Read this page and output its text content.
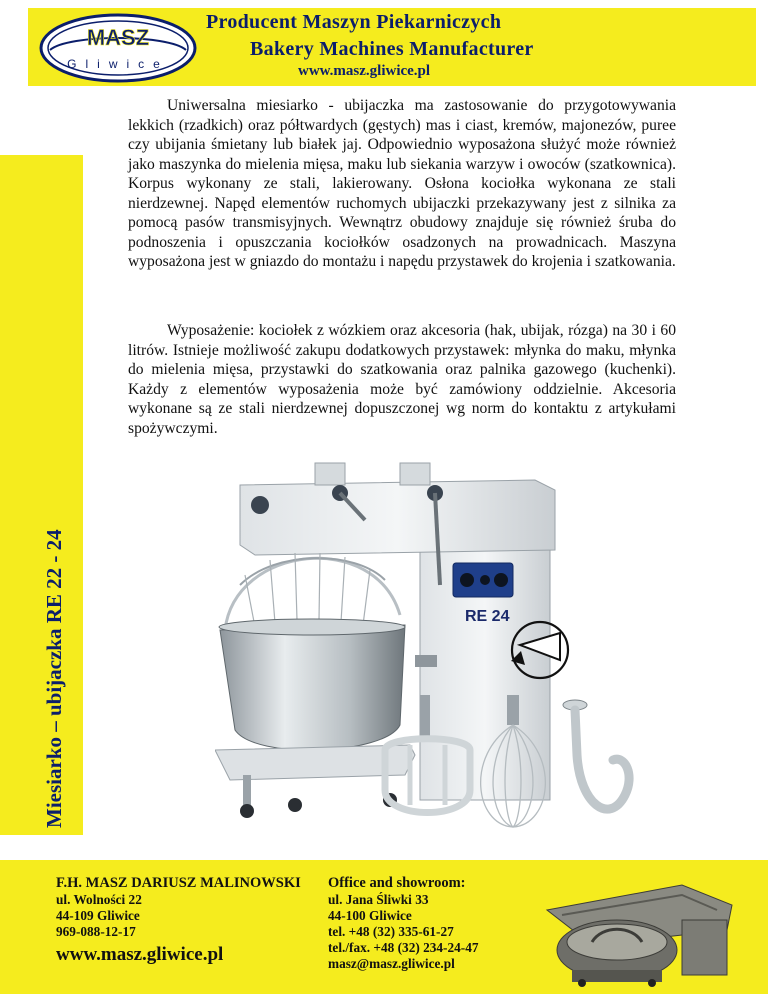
MASZ
Gliwice
Producent Maszyn Piekarniczych
Bakery Machines Manufacturer
www.masz.gliwice.pl
Miesiarko – ubijaczka RE 22 - 24

Uniwersalna miesiarko - ubijaczka ma zastosowanie do przygotowywania lekkich (rzadkich) oraz półtwardych (gęstych) mas i ciast, kremów, majonezów, puree czy ubijania śmietany lub białek jaj. Odpowiednio wyposażona służyć może również jako maszynka do mielenia mięsa, maku lub siekania warzyw i owoców (szatkownica). Korpus wykonany ze stali, lakierowany. Osłona kociołka wykonana ze stali nierdzewnej. Napęd elementów ruchomych ubijaczki przekazywany jest z silnika za pomocą pasów transmisyjnych. Wewnątrz obudowy znajduje się również śruba do podnoszenia i opuszczania kociołków osadzonych na prowadnicach. Maszyna wyposażona jest w gniazdo do montażu i napędu przystawek do krojenia i szatkowania.

Wyposażenie: kociołek z wózkiem oraz akcesoria (hak, ubijak, rózga) na 30 i 60 litrów. Istnieje możliwość zakupu dodatkowych przystawek: młynka do maku, młynka do mielenia mięsa, przystawki do szatkowania oraz palnika gazowego (kuchenki). Każdy z elementów wyposażenia może być zamówiony oddzielnie. Akcesoria wykonane są ze stali nierdzewnej dopuszczonej wg norm do kontaktu z artykułami spożywczymi.

RE 24
F.H. MASZ DARIUSZ MALINOWSKI
ul. Wolności 22
44-109 Gliwice
969-088-12-17
www.masz.gliwice.pl
Office and showroom:
ul. Jana Śliwki 33
44-100 Gliwice
tel. +48 (32) 335-61-27
tel./fax. +48 (32) 234-24-47
masz@masz.gliwice.pl
